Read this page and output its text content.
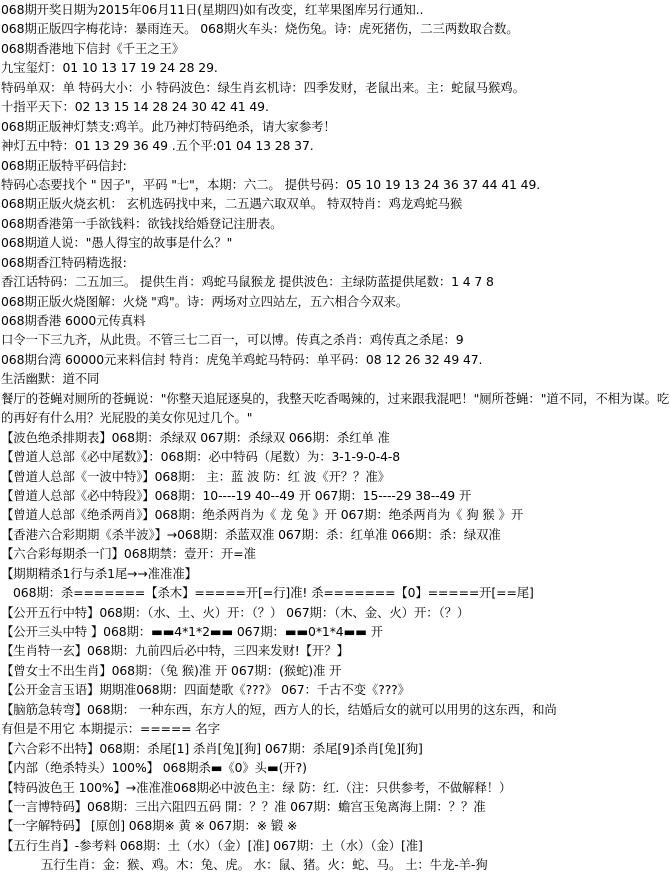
068期开奖日期为2015年06月11日(星期四)如有改变，红苹果图库另行通知..
068期正版四字梅花诗：暴雨连天。 068期火车头：烧伤兔。诗：虎死猪伤，二三两数取合数。
068期香港地下信封《千王之王》
九宝玺灯：01 10 13 17 19 24 28 29.
特码单双：单 特码大小：小 特码波色：绿生肖玄机诗：四季发财，老鼠出来。主：蛇鼠马猴鸡。
十指平天下：02 13 15 14 28 24 30 42 41 49.
068期正版神灯禁支:鸡羊。此乃神灯特码绝杀，请大家参考！
神灯五中特：01 13 29 36 49 .五个平:01 04 13 28 37.
068期正版特平码信封:
特码心态要找个 " 因子"，平码 "七"，本期：六二。 提供号码：05 10 19 13 24 36 37 44 41 49.
068期正版火烧玄机： 玄机选码找中来，二五遇六取双单。 特双特肖：鸡龙鸡蛇马猴
068期香港第一手欲钱料：欲钱找给婚登记注册表。
068期道人说："愚人得宝的故事是什么？"
068期香江特码精选报:
香江话特码：二五加三。 提供生肖：鸡蛇马鼠猴龙 提供波色：主绿防蓝提供尾数：1 4 7 8
068期正版火烧图解：火烧 "鸡"。诗：两场对立四站左，五六相合今双来。
068期香港 6000元传真料
口令一下三九齐，从此贵。不管三七二百一，可以博。传真之杀肖：鸡传真之杀尾：9
068期台湾 60000元来料信封 特肖：虎兔羊鸡蛇马特码：单平码：08 12 26 32 49 47.
生活幽默：道不同
餐厅的苍蝇对厕所的苍蝇说："你整天追屁逐臭的，我整天吃香喝辣的，过来跟我混吧！"厕所苍蝇："道不同，不相为谋。吃的再好有什么用？光屁股的美女你见过几个。"
【波色绝杀排期表】068期：杀绿双 067期：杀绿双 066期：杀红单 准
【曾道人总部《必中尾数》】：068期：必中特码（尾数）为：3-1-9-0-4-8
【曾道人总部《一波中特》】068期： 主：蓝 波 防：红 波《开？？准》
【曾道人总部《必中特段》】068期：10----19 40--49 开 067期：15----29 38--49 开
【曾道人总部《绝杀两肖》】068期：绝杀两肖为《 龙 兔 》开 067期：绝杀两肖为《 狗 猴 》开
【香港六合彩期期《杀半波》】→068期：杀蓝双准 067期：杀：红单准 066期：杀：绿双准
【六合彩每期杀一门】068期禁：壹开：开=准
【期期精杀1行与杀1尾→→准准准】
068期：杀=======【杀木】=====开[=行]准! 杀=======【0】=====开[==尾]
【公开五行中特】068期：（水、土、火）开：（？） 067期：（木、金、火）开：（？）
【公开三头中特 】068期：▬▬4*1*2▬▬ 067期：▬▬0*1*4▬▬ 开
【生肖特一玄】068期：九前四后必中特，三四来发财!【开？】
【曾女士不出生肖】068期：（兔 猴)准 开 067期：(猴蛇)准 开
【公开金言玉语】期期准068期：四面楚歌《???》 067：千古不变《???》
【脑筋急转弯】068期： 一种东西，东方人的短，西方人的长，结婚后女的就可以用男的这东西，和尚
有但是不用它 本期提示：===== 名字
【六合彩不出特】068期：杀尾[1] 杀肖[兔][狗] 067期：杀尾[9]杀肖[兔][狗]
【内部（绝杀特头）100%】 068期杀▬《0》头▬(开?)
【特码波色王 100%】→准准准068期必中波色主：绿 防：红.（注：只供参考，不做解释！）
【一言博特码】068期：三出六阻四五码 開：？？准 067期：蟾宫玉兔离海上開：？？准
【一字解特码】 [原创] 068期※ 黄 ※ 067期：※ 锻 ※
【五行生肖】-参考料 068期：土（水）（金）[准] 067期：土（水）（金）[准]
五行生肖：金：猴、鸡。木：兔、虎。 水：鼠、猪。火：蛇、马。 土：牛龙-羊-狗
